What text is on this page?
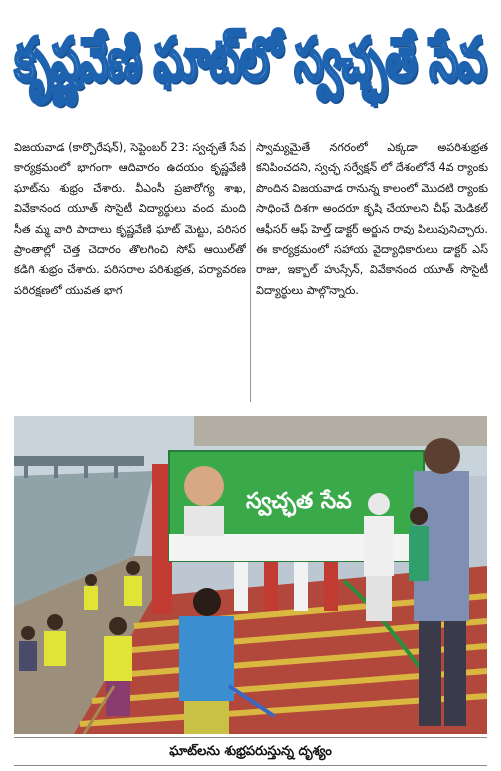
కృష్ణవేణి ఘాట్‌లో స్వచ్ఛతే సేవ
విజయవాడ (కార్పొరేషన్), సెప్టెంబర్ 23: స్వచ్ఛతే సేవ కార్యక్రమంలో భాగంగా ఆదివారం ఉదయం కృష్ణవేణి ఘాట్‌ను శుభ్రం చేశారు. వీఎంసీ ప్రజారోగ్య శాఖ, వివేకానంద యూత్ సొసైటీ విద్యార్థులు వంద మంది సీత మ్మ వారి పాదాలు కృష్ణవేణి ఘాట్ మెట్టు, పరిసర ప్రాంతాల్లో చెత్త చెదారం తొలగించి సోప్ ఆయిల్‌తో కడిగి శుభ్రం చేశారు. పరిసరాల పరిశుభ్రత, పర్యావరణ పరిరక్షణలో యువత భాగ
స్వామ్యమైతే నగరంలో ఎక్కడా అపరిశుభ్రత కనిపించదని, స్వచ్ఛ సర్వేక్షన్ లో దేశంలోనే 4వ ర్యాంకు పొందిన విజయవాడ రానున్న కాలంలో మొదటి ర్యాంకు సాధించే దిశగా అందరూ కృషి చేయాలని చీఫ్ మెడికల్ ఆఫీసర్ ఆఫ్ హెల్త్ డాక్టర్ అర్జున రావు పిలుపునిచ్చారు. ఈ కార్యక్రమంలో సహాయ వైద్యాధికారులు డాక్టర్ ఎస్ రాజు, ఇక్బాల్ హుస్సేన్, వివేకానంద యూత్ సొసైటీ విద్యార్థులు పాల్గొన్నారు.
స్వచ్ఛత సేవ
ఘాట్‌లను శుభ్రపరుస్తున్న దృశ్యం
